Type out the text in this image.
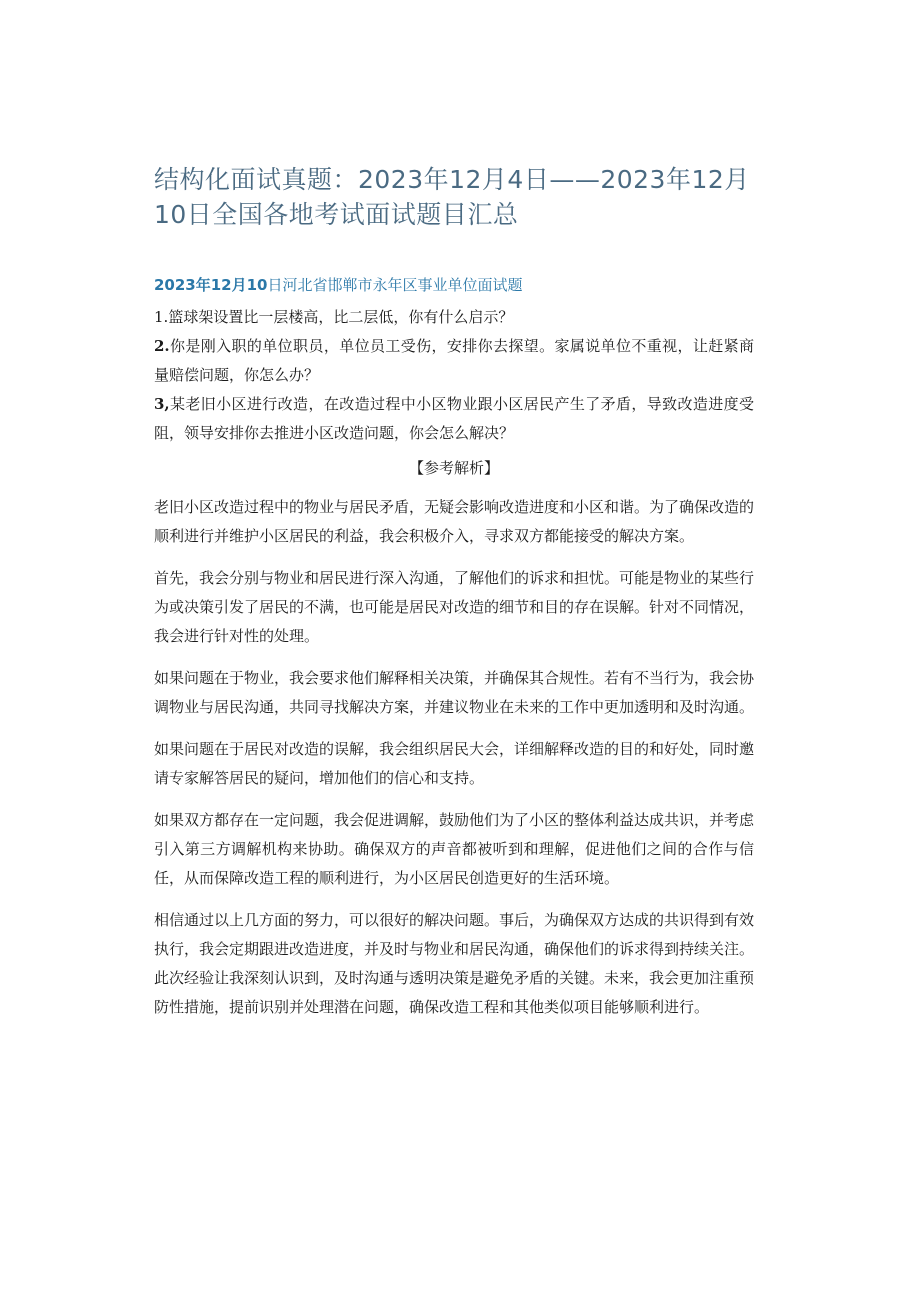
结构化面试真题：2023年12月4日——2023年12月
10日全国各地考试面试题目汇总
2023年12月10日河北省邯郸市永年区事业单位面试题

1.篮球架设置比一层楼高，比二层低，你有什么启示？

2.你是刚入职的单位职员，单位员工受伤，安排你去探望。家属说单位不重视，让赶紧商量赔偿问题，你怎么办？

3,某老旧小区进行改造，在改造过程中小区物业跟小区居民产生了矛盾，导致改造进度受阻，领导安排你去推进小区改造问题，你会怎么解决？

【参考解析】

老旧小区改造过程中的物业与居民矛盾，无疑会影响改造进度和小区和谐。为了确保改造的顺利进行并维护小区居民的利益，我会积极介入，寻求双方都能接受的解决方案。

首先，我会分别与物业和居民进行深入沟通，了解他们的诉求和担忧。可能是物业的某些行为或决策引发了居民的不满，也可能是居民对改造的细节和目的存在误解。针对不同情况，我会进行针对性的处理。

如果问题在于物业，我会要求他们解释相关决策，并确保其合规性。若有不当行为，我会协调物业与居民沟通，共同寻找解决方案，并建议物业在未来的工作中更加透明和及时沟通。

如果问题在于居民对改造的误解，我会组织居民大会，详细解释改造的目的和好处，同时邀请专家解答居民的疑问，增加他们的信心和支持。

如果双方都存在一定问题，我会促进调解，鼓励他们为了小区的整体利益达成共识，并考虑引入第三方调解机构来协助。确保双方的声音都被听到和理解，促进他们之间的合作与信任，从而保障改造工程的顺利进行，为小区居民创造更好的生活环境。

相信通过以上几方面的努力，可以很好的解决问题。事后，为确保双方达成的共识得到有效执行，我会定期跟进改造进度，并及时与物业和居民沟通，确保他们的诉求得到持续关注。此次经验让我深刻认识到，及时沟通与透明决策是避免矛盾的关键。未来，我会更加注重预防性措施，提前识别并处理潜在问题，确保改造工程和其他类似项目能够顺利进行。
